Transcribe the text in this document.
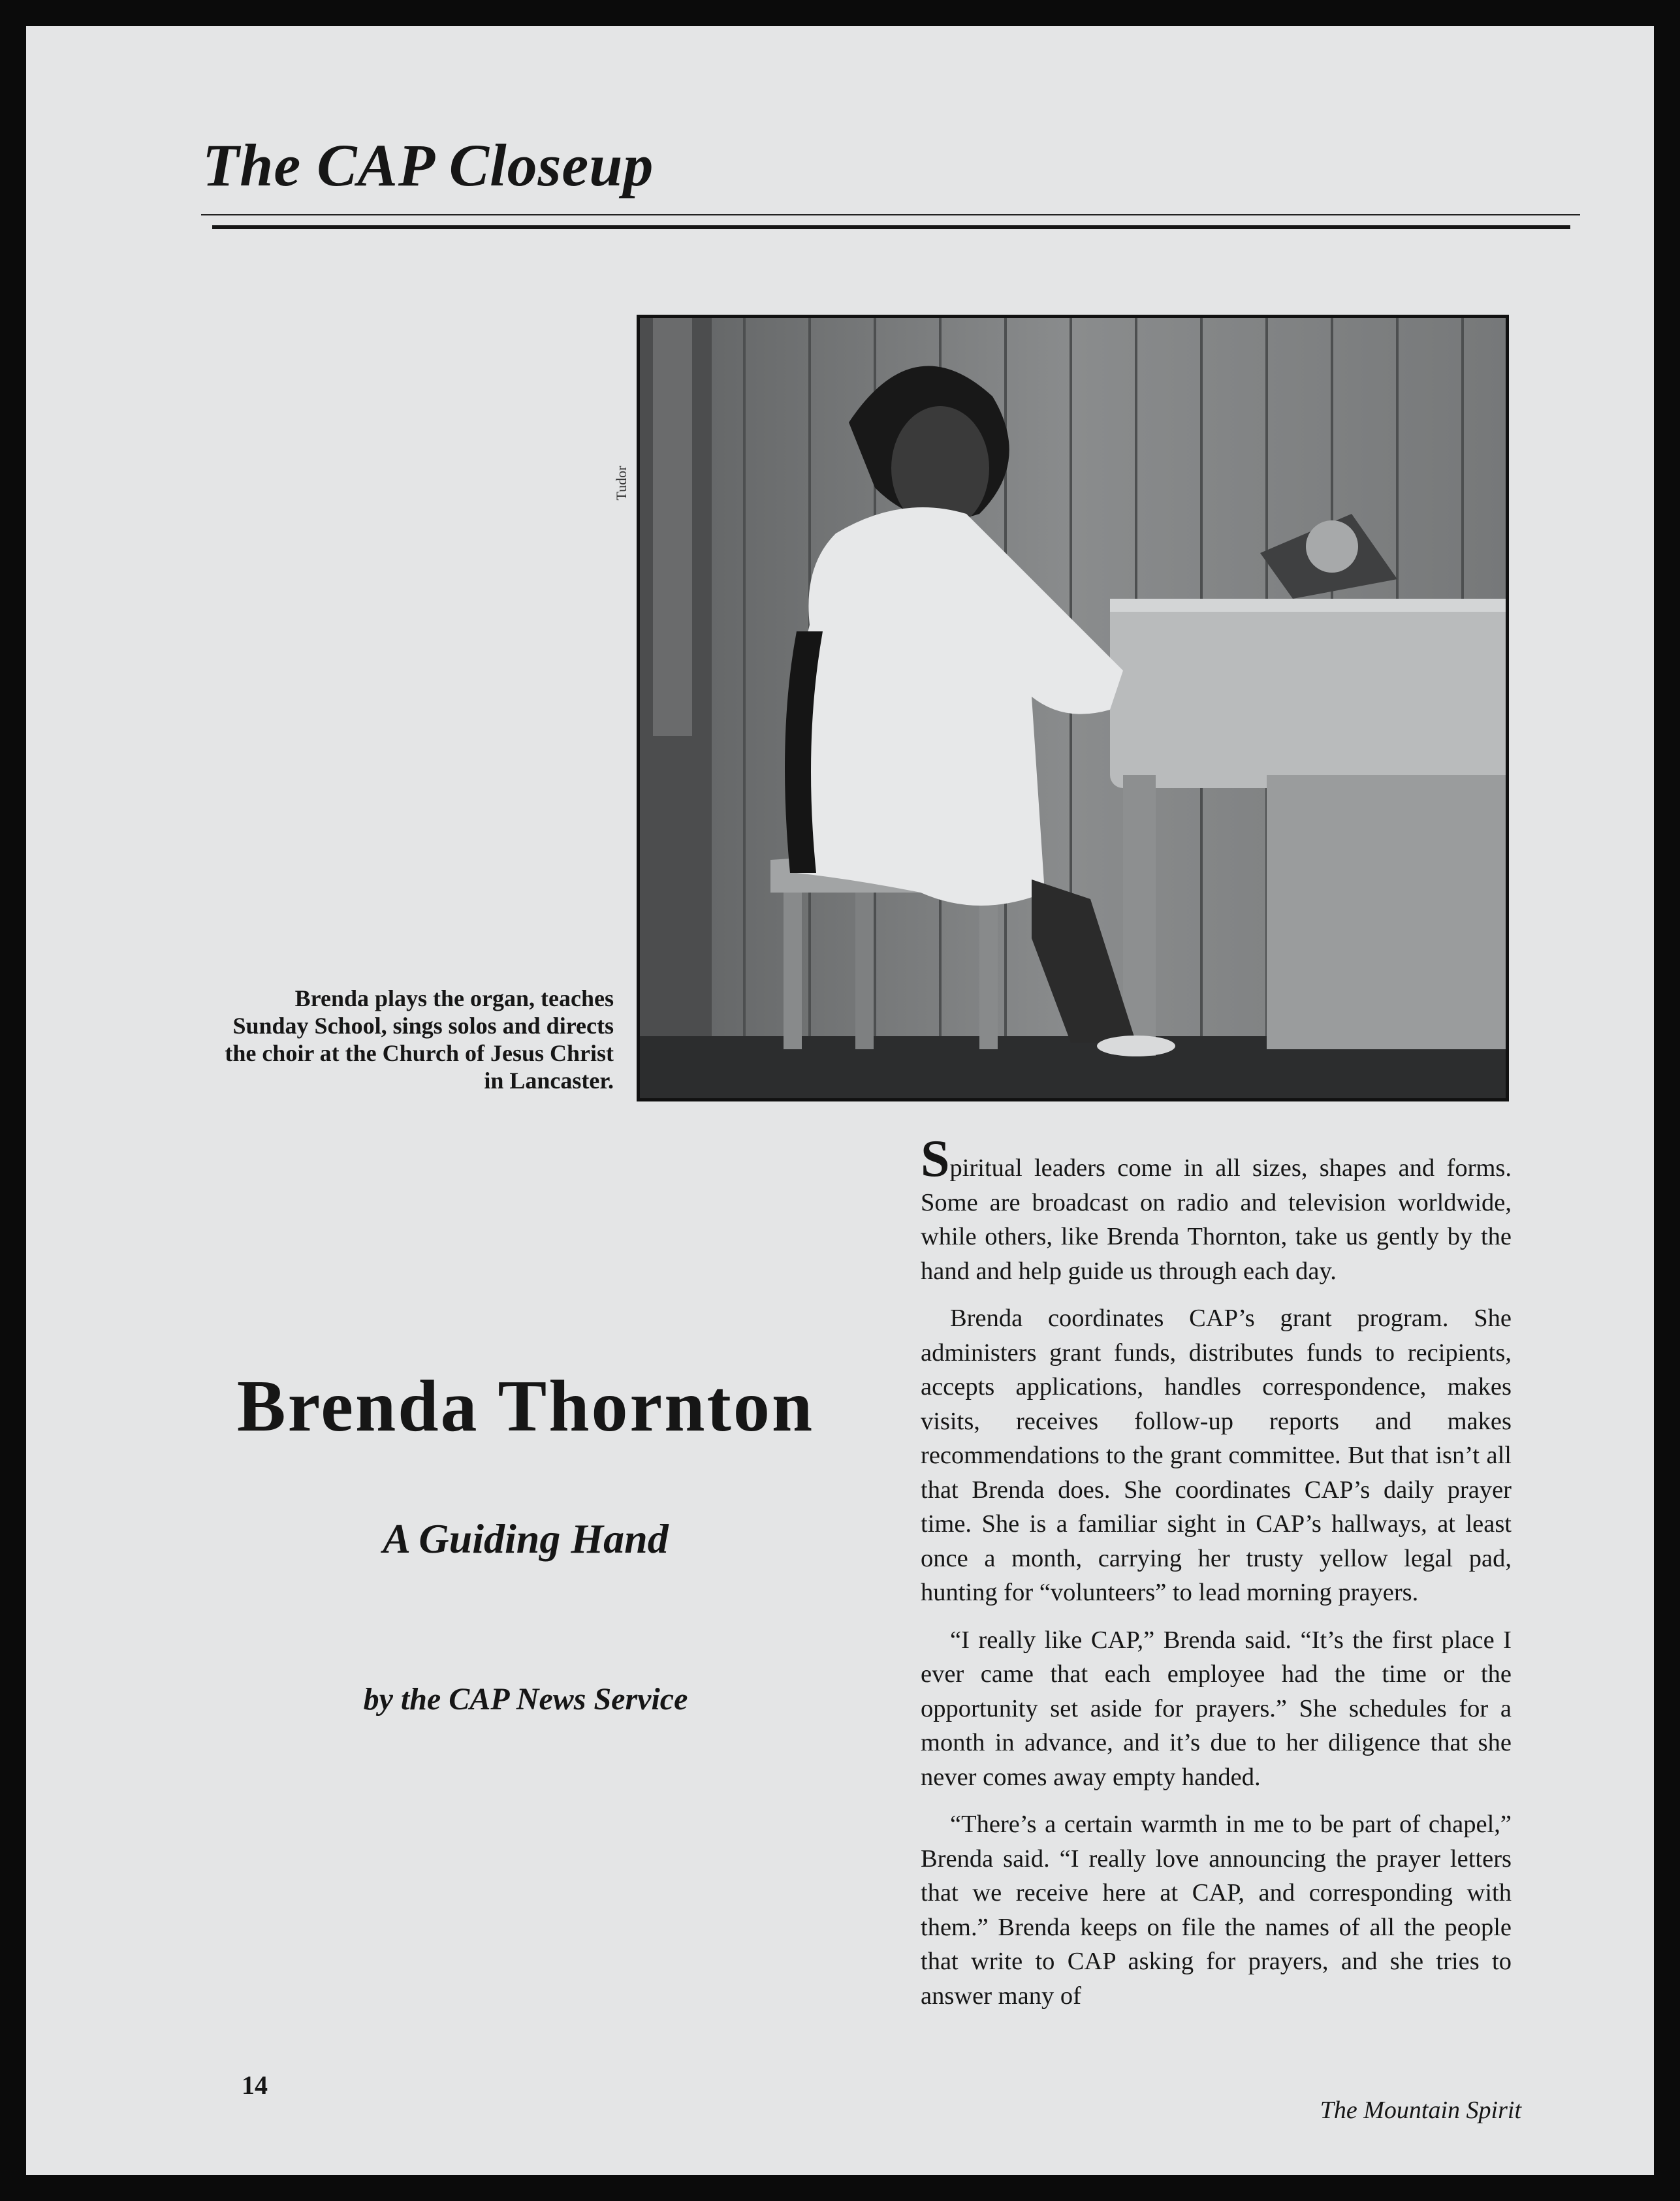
The CAP Closeup
Tudor
Brenda plays the organ, teaches Sunday School, sings solos and directs the choir at the Church of Jesus Christ in Lancaster.
Brenda Thornton
A Guiding Hand
by the CAP News Service

Spiritual leaders come in all sizes, shapes and forms. Some are broadcast on radio and television worldwide, while others, like Brenda Thornton, take us gently by the hand and help guide us through each day.

Brenda coordinates CAP’s grant program. She administers grant funds, distributes funds to recipients, accepts applications, handles correspondence, makes visits, receives follow-up reports and makes recommendations to the grant committee. But that isn’t all that Brenda does. She coordinates CAP’s daily prayer time. She is a familiar sight in CAP’s hallways, at least once a month, carrying her trusty yellow legal pad, hunting for “volunteers” to lead morning prayers.

“I really like CAP,” Brenda said. “It’s the first place I ever came that each employee had the time or the opportunity set aside for prayers.” She schedules for a month in advance, and it’s due to her diligence that she never comes away empty handed.

“There’s a certain warmth in me to be part of chapel,” Brenda said. “I really love announcing the prayer letters that we receive here at CAP, and corresponding with them.” Brenda keeps on file the names of all the people that write to CAP asking for prayers, and she tries to answer many of

14
The Mountain Spirit
